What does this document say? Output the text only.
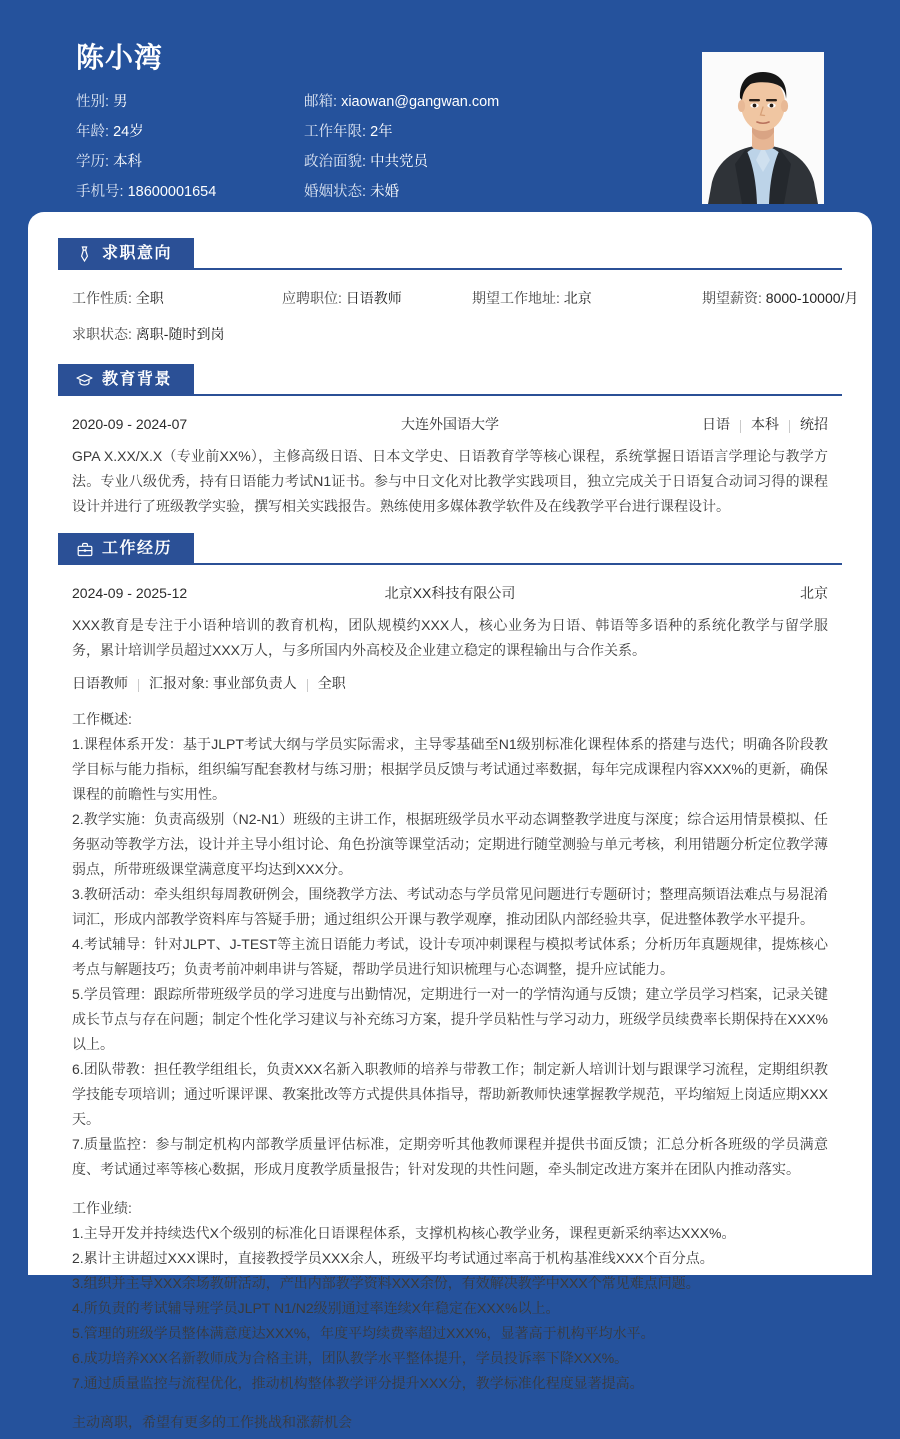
陈小湾
性别: 男	邮箱: xiaowan@gangwan.com
年龄: 24岁	工作年限: 2年
学历: 本科	政治面貌: 中共党员
手机号: 18600001654	婚姻状态: 未婚
求职意向
工作性质: 全职	应聘职位: 日语教师	期望工作地址: 北京	期望薪资: 8000-10000/月
求职状态: 离职-随时到岗
教育背景
2020-09 - 2024-07	大连外国语大学	日语 本科 统招
GPA X.XX/X.X（专业前XX%），主修高级日语、日本文学史、日语教育学等核心课程，系统掌握日语语言学理论与教学方法。专业八级优秀，持有日语能力考试N1证书。参与中日文化对比教学实践项目，独立完成关于日语复合动词习得的课程设计并进行了班级教学实验，撰写相关实践报告。熟练使用多媒体教学软件及在线教学平台进行课程设计。
工作经历
2024-09 - 2025-12	北京XX科技有限公司	北京
XXX教育是专注于小语种培训的教育机构，团队规模约XXX人，核心业务为日语、韩语等多语种的系统化教学与留学服务，累计培训学员超过XXX万人，与多所国内外高校及企业建立稳定的课程输出与合作关系。
日语教师 汇报对象: 事业部负责人 全职
工作概述:
1.课程体系开发：基于JLPT考试大纲与学员实际需求，主导零基础至N1级别标准化课程体系的搭建与迭代；明确各阶段教学目标与能力指标，组织编写配套教材与练习册；根据学员反馈与考试通过率数据，每年完成课程内容XXX%的更新，确保课程的前瞻性与实用性。
2.教学实施：负责高级别（N2-N1）班级的主讲工作，根据班级学员水平动态调整教学进度与深度；综合运用情景模拟、任务驱动等教学方法，设计并主导小组讨论、角色扮演等课堂活动；定期进行随堂测验与单元考核，利用错题分析定位教学薄弱点，所带班级课堂满意度平均达到XXX分。
3.教研活动：牵头组织每周教研例会，围绕教学方法、考试动态与学员常见问题进行专题研讨；整理高频语法难点与易混淆词汇，形成内部教学资料库与答疑手册；通过组织公开课与教学观摩，推动团队内部经验共享，促进整体教学水平提升。
4.考试辅导：针对JLPT、J-TEST等主流日语能力考试，设计专项冲刺课程与模拟考试体系；分析历年真题规律，提炼核心考点与解题技巧；负责考前冲刺串讲与答疑，帮助学员进行知识梳理与心态调整，提升应试能力。
5.学员管理：跟踪所带班级学员的学习进度与出勤情况，定期进行一对一的学情沟通与反馈；建立学员学习档案，记录关键成长节点与存在问题；制定个性化学习建议与补充练习方案，提升学员粘性与学习动力，班级学员续费率长期保持在XXX%以上。
6.团队带教：担任教学组组长，负责XXX名新入职教师的培养与带教工作；制定新人培训计划与跟课学习流程，定期组织教学技能专项培训；通过听课评课、教案批改等方式提供具体指导，帮助新教师快速掌握教学规范，平均缩短上岗适应期XXX天。
7.质量监控：参与制定机构内部教学质量评估标准，定期旁听其他教师课程并提供书面反馈；汇总分析各班级的学员满意度、考试通过率等核心数据，形成月度教学质量报告；针对发现的共性问题，牵头制定改进方案并在团队内推动落实。
工作业绩:
1.主导开发并持续迭代X个级别的标准化日语课程体系，支撑机构核心教学业务，课程更新采纳率达XXX%。
2.累计主讲超过XXX课时，直接教授学员XXX余人，班级平均考试通过率高于机构基准线XXX个百分点。
3.组织并主导XXX余场教研活动，产出内部教学资料XXX余份，有效解决教学中XXX个常见难点问题。
4.所负责的考试辅导班学员JLPT N1/N2级别通过率连续X年稳定在XXX%以上。
5.管理的班级学员整体满意度达XXX%，年度平均续费率超过XXX%，显著高于机构平均水平。
6.成功培养XXX名新教师成为合格主讲，团队教学水平整体提升，学员投诉率下降XXX%。
7.通过质量监控与流程优化，推动机构整体教学评分提升XXX分，教学标准化程度显著提高。
主动离职，希望有更多的工作挑战和涨薪机会
